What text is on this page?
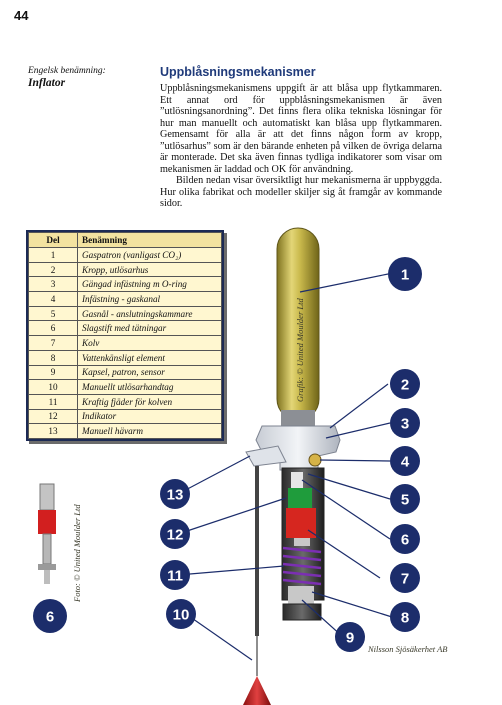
44
Engelsk benämning:
Inflator
Uppblåsningsmekanismer

Uppblåsningsmekanismens uppgift är att blåsa upp flytkammaren. Ett annat ord för uppblåsningsmekanismen är även ”utlösningsanordning”. Det finns flera olika tekniska lösningar för hur man manuellt och automatiskt kan blåsa upp flytkammaren. Gemensamt för alla är att det finns någon form av kropp, ”utlösarhus” som är den bärande enheten på vilken de övriga delarna är monterade. Det ska även finnas tydliga indikatorer som visar om mekanismen är laddad och OK för användning.

Bilden nedan visar översiktligt hur mekanismerna är uppbyggda. Hur olika fabrikat och modeller skiljer sig åt framgår av kommande sidor.

Grafik: © United Moulder Ltd
Foto: © United Moulder Ltd
1
2
3
4
5
6
7
8
9
10
11
12
13
6
Nilsson Sjösäkerhet AB
Del	Benämning
1	Gaspatron (vanligast CO₂)
2	Kropp, utlösarhus
3	Gängad infästning m O-ring
4	Infästning - gaskanal
5	Gasnål - anslutningskammare
6	Slagstift med tätningar
7	Kolv
8	Vattenkänsligt element
9	Kapsel, patron, sensor
10	Manuellt utlösarhandtag
11	Kraftig fjäder för kolven
12	Indikator
13	Manuell hävarm
